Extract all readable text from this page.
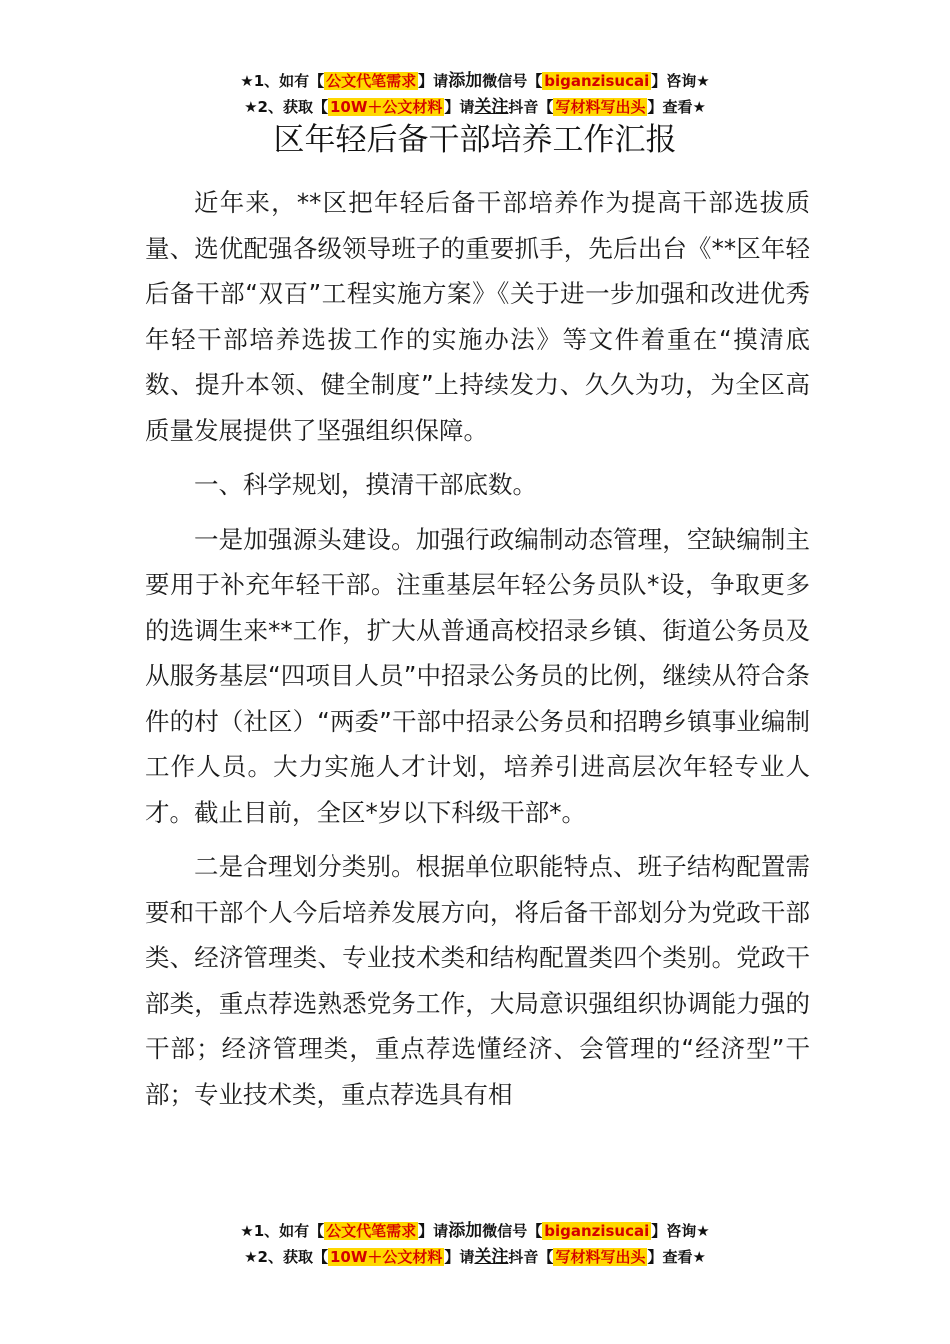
★1、如有【 公文代笔需求 】请添加微信号【 biganzisucai 】咨询★
★2、获取【 10W＋公文材料 】请关注抖音【 写材料写出头 】查看★
区年轻后备干部培养工作汇报

近年来，**区把年轻后备干部培养作为提高干部选拔质量、选优配强各级领导班子的重要抓手，先后出台《**区年轻后备干部“双百”工程实施方案》《关于进一步加强和改进优秀年轻干部培养选拔工作的实施办法》等文件着重在“摸清底数、提升本领、健全制度”上持续发力、久久为功，为全区高质量发展提供了坚强组织保障。

一、科学规划，摸清干部底数。

一是加强源头建设。加强行政编制动态管理，空缺编制主要用于补充年轻干部。注重基层年轻公务员队*设，争取更多的选调生来**工作，扩大从普通高校招录乡镇、街道公务员及从服务基层“四项目人员”中招录公务员的比例，继续从符合条件的村（社区）“两委”干部中招录公务员和招聘乡镇事业编制工作人员。大力实施人才计划，培养引进高层次年轻专业人才。截止目前，全区*岁以下科级干部*。

二是合理划分类别。根据单位职能特点、班子结构配置需要和干部个人今后培养发展方向，将后备干部划分为党政干部类、经济管理类、专业技术类和结构配置类四个类别。党政干部类，重点荐选熟悉党务工作，大局意识强组织协调能力强的干部；经济管理类，重点荐选懂经济、会管理的“经济型”干部；专业技术类，重点荐选具有相

★1、如有【 公文代笔需求 】请添加微信号【 biganzisucai 】咨询★
★2、获取【 10W＋公文材料 】请关注抖音【 写材料写出头 】查看★
